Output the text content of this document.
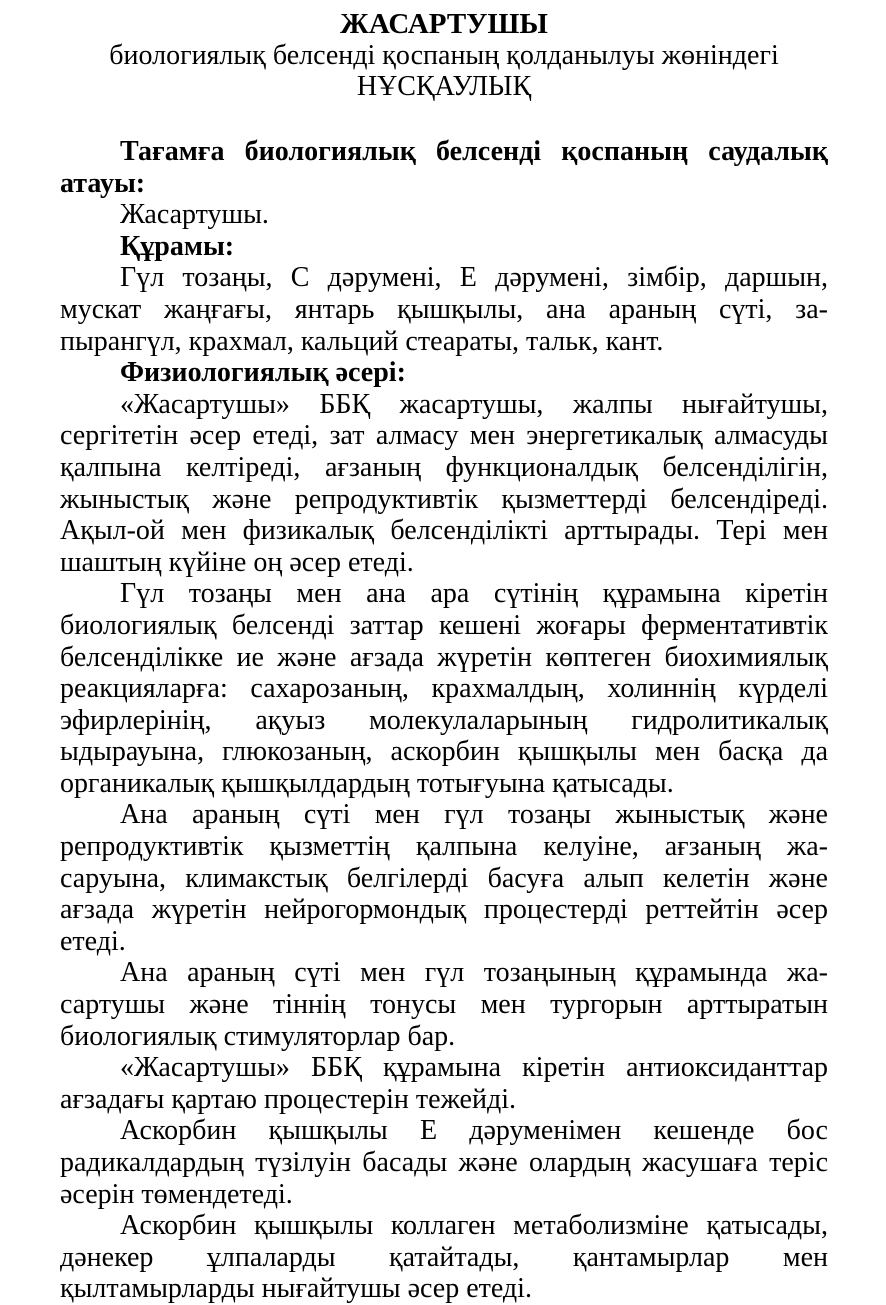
ЖАСАРТУШЫ

биологиялық белсенді қоспаның қолданылуы жөніндегі

НҰСҚАУЛЫҚ

Тағамға биологиялық белсенді қоспаның саудалық атауы:

Жасартушы.

Құрамы:

Гүл тозаңы, С дәрумені, Е дәрумені, зімбір, даршын, мускат жаңғағы, янтарь қышқылы, ана араның сүті, запырангүл, крахмал, кальций стеараты, тальк, кант.

Физиологиялық әсері:

«Жасартушы» ББҚ жасартушы, жалпы нығайтушы, сергітетін әсер етеді, зат алмасу мен энергетикалық алмасуды қалпына келтіреді, ағзаның функционалдық белсенділігін, жыныстық және репродуктивтік қызметтерді белсендіреді. Ақыл-ой мен физикалық белсенділікті арттырады. Тері мен шаштың күйіне оң әсер етеді.

Гүл тозаңы мен ана ара сүтінің құрамына кіретін биологиялық белсенді заттар кешені жоғары ферментативтік белсенділікке ие және ағзада жүретін көптеген биохимиялық реакцияларға: сахарозаның, крахмалдың, холиннің күрделі эфирлерінің, ақуыз молекулаларының гидролитикалық ыдырауына, глюкозаның, аскорбин қышқылы мен басқа да органикалық қышқылдардың тотығуына қатысады.

Ана араның сүті мен гүл тозаңы жыныстық және репродуктивтік қызметтің қалпына келуіне, ағзаның жасаруына, климакстық белгілерді басуға алып келетін және ағзада жүретін нейрогормондық процестерді реттейтін әсер етеді.

Ана араның сүті мен гүл тозаңының құрамында жасартушы және тіннің тонусы мен тургорын арттыратын биологиялық стимуляторлар бар.

«Жасартушы» ББҚ құрамына кіретін антиоксиданттар ағзадағы қартаю процестерін тежейді.

Аскорбин қышқылы Е дәруменімен кешенде бос радикалдардың түзілуін басады және олардың жасушаға теріс әсерін төмендетеді.

Аскорбин қышқылы коллаген метаболизміне қатысады, дәнекер ұлпаларды қатайтады, қантамырлар мен қылтамырларды нығайтушы әсер етеді.
